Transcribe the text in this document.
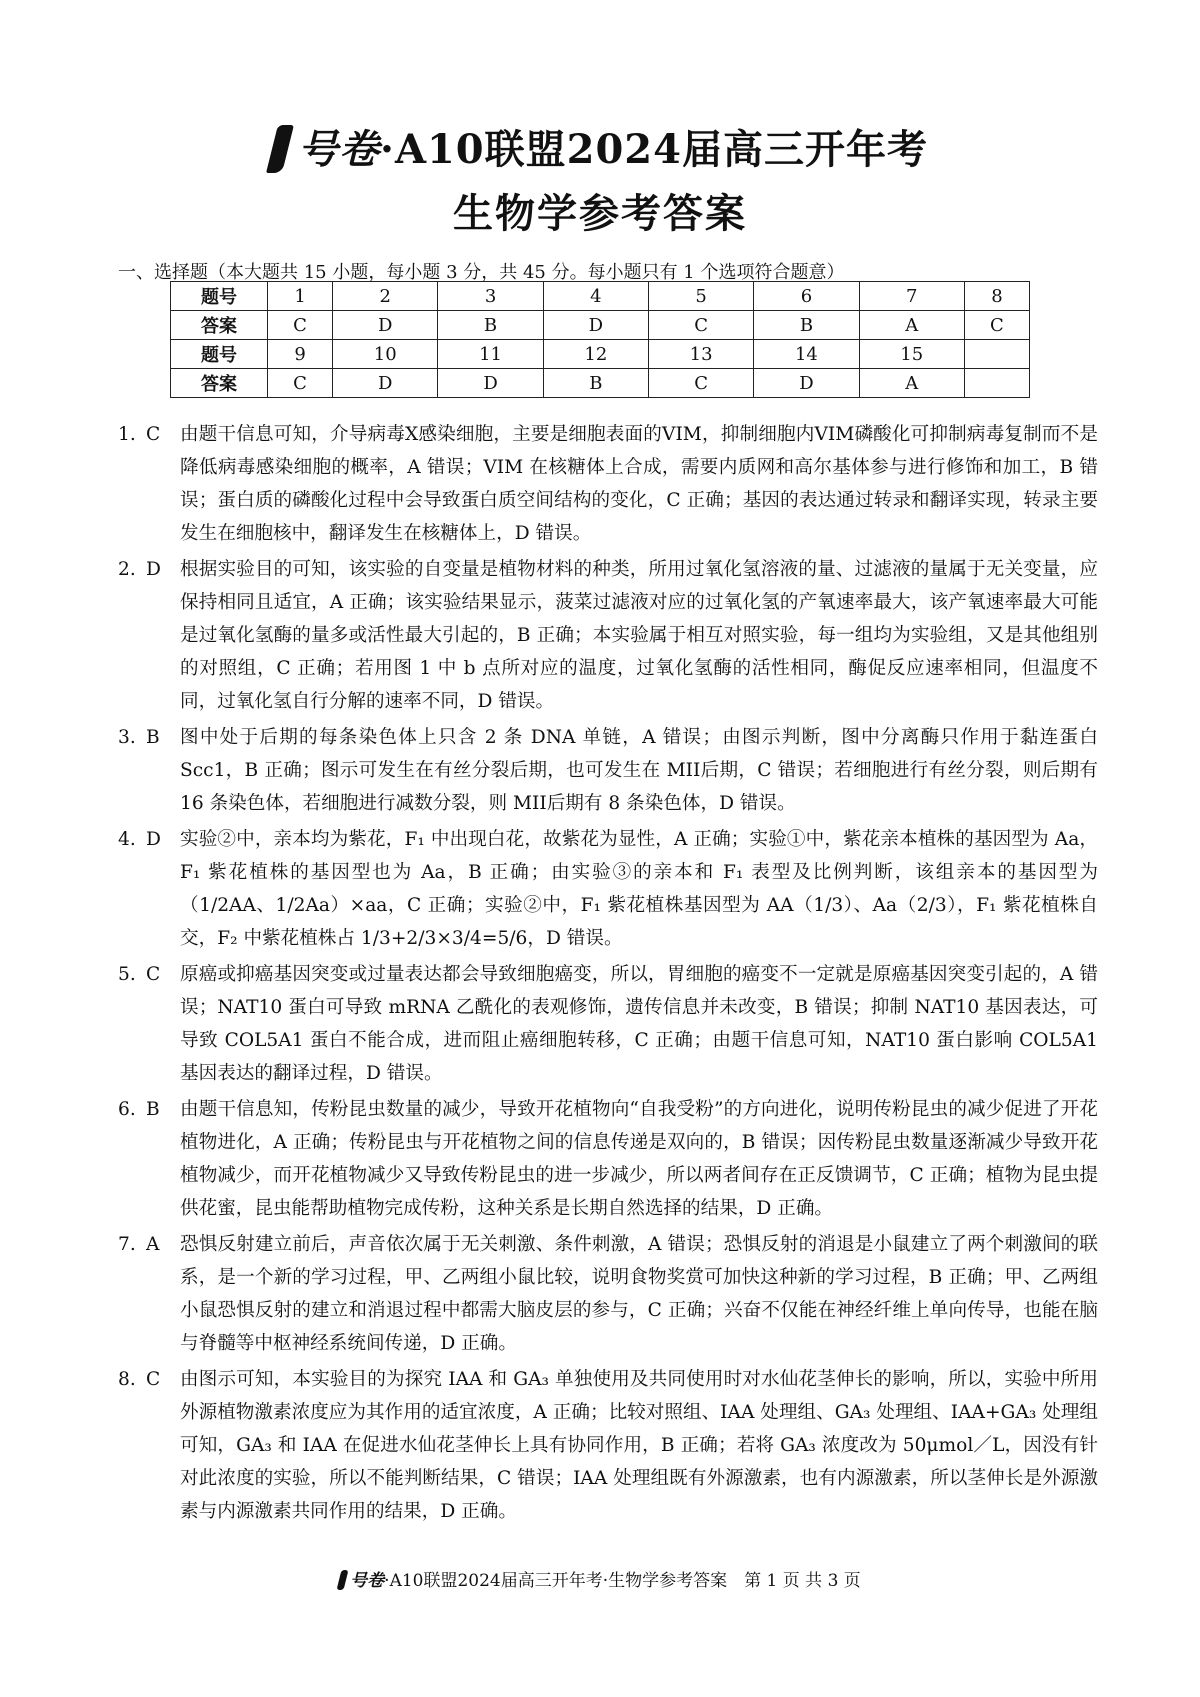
号卷·A10联盟2024届高三开年考
生物学参考答案
一、选择题（本大题共 15 小题，每小题 3 分，共 45 分。每小题只有 1 个选项符合题意）
题号	1	2	3	4	5	6	7	8
答案	C	D	B	D	C	B	A	C
题号	9	10	11	12	13	14	15	
答案	C	D	D	B	C	D	A	
1. C	由题干信息可知，介导病毒X感染细胞，主要是细胞表面的VIM，抑制细胞内VIM磷酸化可抑制病毒复制而不是降低病毒感染细胞的概率，A 错误；VIM 在核糖体上合成，需要内质网和高尔基体参与进行修饰和加工，B 错误；蛋白质的磷酸化过程中会导致蛋白质空间结构的变化，C 正确；基因的表达通过转录和翻译实现，转录主要发生在细胞核中，翻译发生在核糖体上，D 错误。
2. D	根据实验目的可知，该实验的自变量是植物材料的种类，所用过氧化氢溶液的量、过滤液的量属于无关变量，应保持相同且适宜，A 正确；该实验结果显示，菠菜过滤液对应的过氧化氢的产氧速率最大，该产氧速率最大可能是过氧化氢酶的量多或活性最大引起的，B 正确；本实验属于相互对照实验，每一组均为实验组，又是其他组别的对照组，C 正确；若用图 1 中 b 点所对应的温度，过氧化氢酶的活性相同，酶促反应速率相同，但温度不同，过氧化氢自行分解的速率不同，D 错误。
3. B	图中处于后期的每条染色体上只含 2 条 DNA 单链，A 错误；由图示判断，图中分离酶只作用于黏连蛋白 Scc1，B 正确；图示可发生在有丝分裂后期，也可发生在 MII后期，C 错误；若细胞进行有丝分裂，则后期有 16 条染色体，若细胞进行减数分裂，则 MII后期有 8 条染色体，D 错误。
4. D	实验②中，亲本均为紫花，F₁ 中出现白花，故紫花为显性，A 正确；实验①中，紫花亲本植株的基因型为 Aa，F₁ 紫花植株的基因型也为 Aa，B 正确；由实验③的亲本和 F₁ 表型及比例判断，该组亲本的基因型为（1/2AA、1/2Aa）×aa，C 正确；实验②中，F₁ 紫花植株基因型为 AA（1/3）、Aa（2/3），F₁ 紫花植株自交，F₂ 中紫花植株占 1/3+2/3×3/4=5/6，D 错误。
5. C	原癌或抑癌基因突变或过量表达都会导致细胞癌变，所以，胃细胞的癌变不一定就是原癌基因突变引起的，A 错误；NAT10 蛋白可导致 mRNA 乙酰化的表观修饰，遗传信息并未改变，B 错误；抑制 NAT10 基因表达，可导致 COL5A1 蛋白不能合成，进而阻止癌细胞转移，C 正确；由题干信息可知，NAT10 蛋白影响 COL5A1 基因表达的翻译过程，D 错误。
6. B	由题干信息知，传粉昆虫数量的减少，导致开花植物向“自我受粉”的方向进化，说明传粉昆虫的减少促进了开花植物进化，A 正确；传粉昆虫与开花植物之间的信息传递是双向的，B 错误；因传粉昆虫数量逐渐减少导致开花植物减少，而开花植物减少又导致传粉昆虫的进一步减少，所以两者间存在正反馈调节，C 正确；植物为昆虫提供花蜜，昆虫能帮助植物完成传粉，这种关系是长期自然选择的结果，D 正确。
7. A	恐惧反射建立前后，声音依次属于无关刺激、条件刺激，A 错误；恐惧反射的消退是小鼠建立了两个刺激间的联系，是一个新的学习过程，甲、乙两组小鼠比较，说明食物奖赏可加快这种新的学习过程，B 正确；甲、乙两组小鼠恐惧反射的建立和消退过程中都需大脑皮层的参与，C 正确；兴奋不仅能在神经纤维上单向传导，也能在脑与脊髓等中枢神经系统间传递，D 正确。
8. C	由图示可知，本实验目的为探究 IAA 和 GA₃ 单独使用及共同使用时对水仙花茎伸长的影响，所以，实验中所用外源植物激素浓度应为其作用的适宜浓度，A 正确；比较对照组、IAA 处理组、GA₃ 处理组、IAA+GA₃ 处理组可知，GA₃ 和 IAA 在促进水仙花茎伸长上具有协同作用，B 正确；若将 GA₃ 浓度改为 50μmol／L，因没有针对此浓度的实验，所以不能判断结果，C 错误；IAA 处理组既有外源激素，也有内源激素，所以茎伸长是外源激素与内源激素共同作用的结果，D 正确。
号卷·A10联盟2024届高三开年考·生物学参考答案　第 1 页 共 3 页
